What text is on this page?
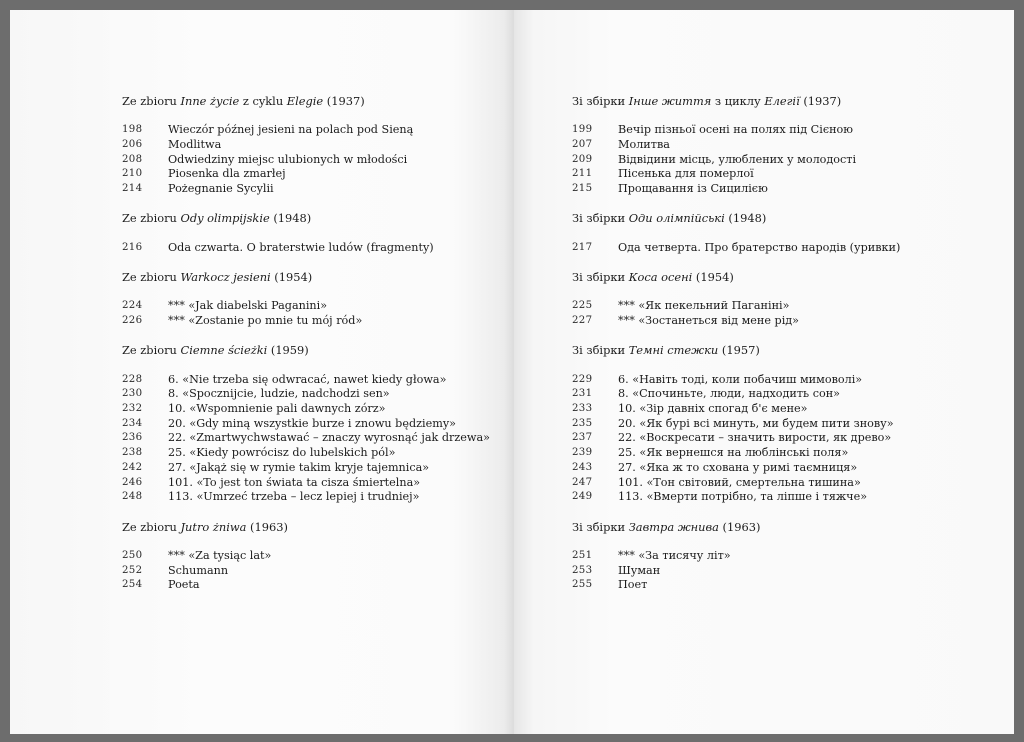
Ze zbioru Inne życie z cyklu Elegie (1937)
198	Wieczór późnej jesieni na polach pod Sieną
206	Modlitwa
208	Odwiedziny miejsc ulubionych w młodości
210	Piosenka dla zmarłej
214	Pożegnanie Sycylii
Ze zbioru Ody olimpijskie (1948)
216	Oda czwarta. O braterstwie ludów (fragmenty)
Ze zbioru Warkocz jesieni (1954)
224	*** «Jak diabelski Paganini»
226	*** «Zostanie po mnie tu mój ród»
Ze zbioru Ciemne ścieżki (1959)
228	6. «Nie trzeba się odwracać, nawet kiedy głowa»
230	8. «Spocznijcie, ludzie, nadchodzi sen»
232	10. «Wspomnienie pali dawnych zórz»
234	20. «Gdy miną wszystkie burze i znowu będziemy»
236	22. «Zmartwychwstawać – znaczy wyrosnąć jak drzewa»
238	25. «Kiedy powrócisz do lubelskich pól»
242	27. «Jakąż się w rymie takim kryje tajemnica»
246	101. «To jest ton świata ta cisza śmiertelna»
248	113. «Umrzeć trzeba – lecz lepiej i trudniej»
Ze zbioru Jutro żniwa (1963)
250	*** «Za tysiąc lat»
252	Schumann
254	Poeta
Зі збірки Інше життя з циклу Елегії (1937)
199	Вечір пізньої осені на полях під Сієною
207	Молитва
209	Відвідини місць, улюблених у молодості
211	Пісенька для померлої
215	Прощавання із Сицилією
Зі збірки Оди олімпійські (1948)
217	Ода четверта. Про братерство народів (уривки)
Зі збірки Коса осені (1954)
225	*** «Як пекельний Паганіні»
227	*** «Зостанеться від мене рід»
Зі збірки Темні стежки (1957)
229	6. «Навіть тоді, коли побачиш мимоволі»
231	8. «Спочиньте, люди, надходить сон»
233	10. «Зір давніх спогад б'є мене»
235	20. «Як бурі всі минуть, ми будем пити знову»
237	22. «Воскресати – значить вирости, як древо»
239	25. «Як вернешся на люблінські поля»
243	27. «Яка ж то схована у римі таємниця»
247	101. «Тон світовий, смертельна тишина»
249	113. «Вмерти потрібно, та лiпше i тяжче»
Зі збірки Завтра жнива (1963)
251	*** «За тисячу літ»
253	Шуман
255	Поет
